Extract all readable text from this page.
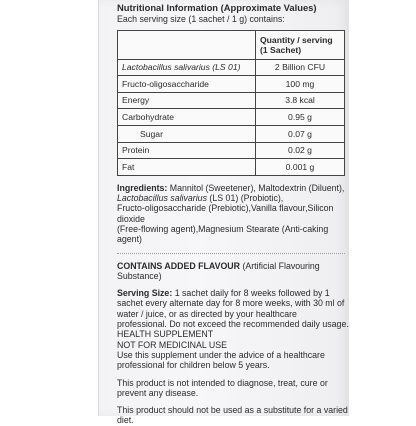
Nutritional Information (Approximate Values)
Each serving size (1 sachet / 1 g) contains:
	Quantity / serving
(1 Sachet)
Lactobacillus salivarius (LS 01)	2 Billion CFU
Fructo-oligosaccharide	100 mg
Energy	3.8 kcal
Carbohydrate	0.95 g
Sugar	0.07 g
Protein	0.02 g
Fat	0.001 g
Ingredients: Mannitol (Sweetener), Maltodextrin (Diluent),
Lactobacillus salivarius (LS 01) (Probiotic),
Fructo-oligosaccharide (Prebiotic),Vanilla flavour,Silicon dioxide
(Free-flowing agent),Magnesium Stearate (Anti-caking agent)
CONTAINS ADDED FLAVOUR (Artificial Flavouring Substance)
Serving Size: 1 sachet daily for 8 weeks followed by 1 sachet every alternate day for 8 more weeks, with 30 ml of water / juice, or as directed by your healthcare professional. Do not exceed the recommended daily usage.
HEALTH SUPPLEMENT
NOT FOR MEDICINAL USE
Use this supplement under the advice of a healthcare professional for children below 5 years.
This product is not intended to diagnose, treat, cure or prevent any disease.
This product should not be used as a substitute for a varied diet.
